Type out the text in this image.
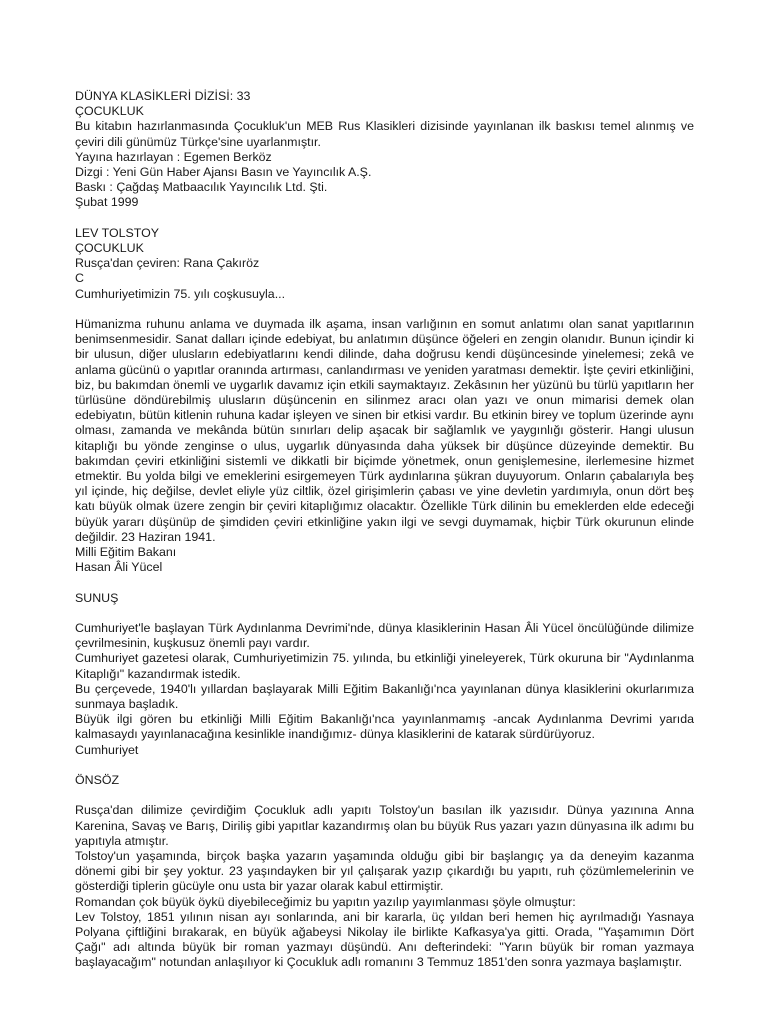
DÜNYA KLASİKLERİ DİZİSİ: 33
ÇOCUKLUK
Bu kitabın hazırlanmasında Çocukluk'un MEB Rus Klasikleri dizisinde yayınlanan ilk baskısı temel alınmış ve çeviri dili günümüz Türkçe'sine uyarlanmıştır.
Yayına hazırlayan : Egemen Berköz
Dizgi : Yeni Gün Haber Ajansı Basın ve Yayıncılık A.Ş.
Baskı : Çağdaş Matbaacılık Yayıncılık Ltd. Şti.
Şubat 1999
LEV TOLSTOY
ÇOCUKLUK
Rusça'dan çeviren: Rana Çakıröz
C
Cumhuriyetimizin 75. yılı coşkusuyla...
Hümanizma ruhunu anlama ve duymada ilk aşama, insan varlığının en somut anlatımı olan sanat yapıtlarının benimsenmesidir. Sanat dalları içinde edebiyat, bu anlatımın düşünce öğeleri en zengin olanıdır. Bunun içindir ki bir ulusun, diğer ulusların edebiyatlarını kendi dilinde, daha doğrusu kendi düşüncesinde yinelemesi; zekâ ve anlama gücünü o yapıtlar oranında artırması, canlandırması ve yeniden yaratması demektir. İşte çeviri etkinliğini, biz, bu bakımdan önemli ve uygarlık davamız için etkili saymaktayız. Zekâsının her yüzünü bu türlü yapıtların her türlüsüne döndürebilmiş ulusların düşüncenin en silinmez aracı olan yazı ve onun mimarisi demek olan edebiyatın, bütün kitlenin ruhuna kadar işleyen ve sinen bir etkisi vardır. Bu etkinin birey ve toplum üzerinde aynı olması, zamanda ve mekânda bütün sınırları delip aşacak bir sağlamlık ve yaygınlığı gösterir. Hangi ulusun kitaplığı bu yönde zenginse o ulus, uygarlık dünyasında daha yüksek bir düşünce düzeyinde demektir. Bu bakımdan çeviri etkinliğini sistemli ve dikkatli bir biçimde yönetmek, onun genişlemesine, ilerlemesine hizmet etmektir. Bu yolda bilgi ve emeklerini esirgemeyen Türk aydınlarına şükran duyuyorum. Onların çabalarıyla beş yıl içinde, hiç değilse, devlet eliyle yüz ciltlik, özel girişimlerin çabası ve yine devletin yardımıyla, onun dört beş katı büyük olmak üzere zengin bir çeviri kitaplığımız olacaktır. Özellikle Türk dilinin bu emeklerden elde edeceği büyük yararı düşünüp de şimdiden çeviri etkinliğine yakın ilgi ve sevgi duymamak, hiçbir Türk okurunun elinde değildir. 23 Haziran 1941.
Milli Eğitim Bakanı
Hasan Âli Yücel
SUNUŞ
Cumhuriyet'le başlayan Türk Aydınlanma Devrimi'nde, dünya klasiklerinin Hasan Âli Yücel öncülüğünde dilimize çevrilmesinin, kuşkusuz önemli payı vardır.
Cumhuriyet gazetesi olarak, Cumhuriyetimizin 75. yılında, bu etkinliği yineleyerek, Türk okuruna bir "Aydınlanma Kitaplığı" kazandırmak istedik.
Bu çerçevede, 1940'lı yıllardan başlayarak Milli Eğitim Bakanlığı'nca yayınlanan dünya klasiklerini okurlarımıza sunmaya başladık.
Büyük ilgi gören bu etkinliği Milli Eğitim Bakanlığı'nca yayınlanmamış -ancak Aydınlanma Devrimi yarıda kalmasaydı yayınlanacağına kesinlikle inandığımız- dünya klasiklerini de katarak sürdürüyoruz.
Cumhuriyet
ÖNSÖZ
Rusça'dan dilimize çevirdiğim Çocukluk adlı yapıtı Tolstoy'un basılan ilk yazısıdır. Dünya yazınına Anna Karenina, Savaş ve Barış, Diriliş gibi yapıtlar kazandırmış olan bu büyük Rus yazarı yazın dünyasına ilk adımı bu yapıtıyla atmıştır.
Tolstoy'un yaşamında, birçok başka yazarın yaşamında olduğu gibi bir başlangıç ya da deneyim kazanma dönemi gibi bir şey yoktur. 23 yaşındayken bir yıl çalışarak yazıp çıkardığı bu yapıtı, ruh çözümlemelerinin ve gösterdiği tiplerin gücüyle onu usta bir yazar olarak kabul ettirmiştir.
Romandan çok büyük öykü diyebileceğimiz bu yapıtın yazılıp yayımlanması şöyle olmuştur:
Lev Tolstoy, 1851 yılının nisan ayı sonlarında, ani bir kararla, üç yıldan beri hemen hiç ayrılmadığı Yasnaya Polyana çiftliğini bırakarak, en büyük ağabeysi Nikolay ile birlikte Kafkasya'ya gitti. Orada, "Yaşamımın Dört Çağı" adı altında büyük bir roman yazmayı düşündü. Anı defterindeki: "Yarın büyük bir roman yazmaya başlayacağım" notundan anlaşılıyor ki Çocukluk adlı romanını 3 Temmuz 1851'den sonra yazmaya başlamıştır.
